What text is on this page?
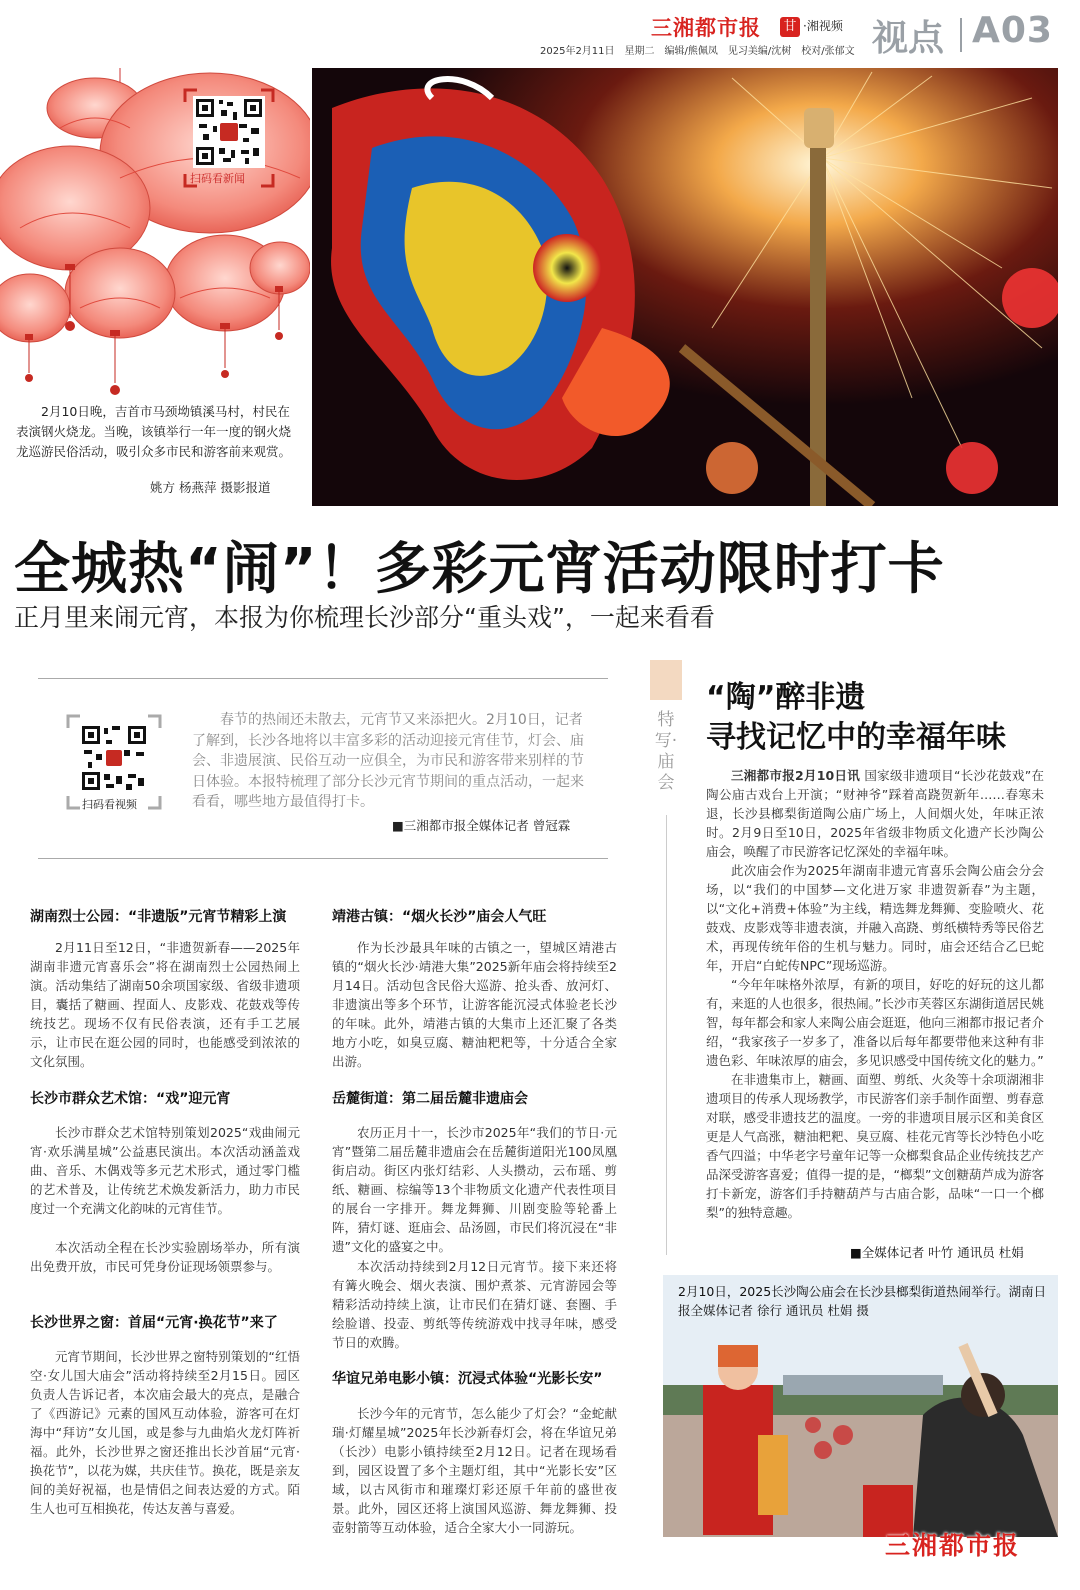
三湘都市报 甘 ·湘视频 视点 A03
2025年2月11日　星期二　编辑/熊佩凤　见习美编/沈树　校对/张郁文
扫码看新闻
2月10日晚，吉首市马颈坳镇溪马村，村民在表演钢火烧龙。当晚，该镇举行一年一度的钢火烧龙巡游民俗活动，吸引众多市民和游客前来观赏。
姚方 杨燕萍 摄影报道
全城热“闹”！多彩元宵活动限时打卡
正月里来闹元宵，本报为你梳理长沙部分“重头戏”，一起来看看
扫码看视频
春节的热闹还未散去，元宵节又来添把火。2月10日，记者了解到，长沙各地将以丰富多彩的活动迎接元宵佳节，灯会、庙会、非遗展演、民俗互动一应俱全，为市民和游客带来别样的节日体验。本报特梳理了部分长沙元宵节期间的重点活动，一起来看看，哪些地方最值得打卡。
■三湘都市报全媒体记者 曾冠霖
湖南烈士公园：“非遗版”元宵节精彩上演
2月11日至12日，“非遗贺新春——2025年湖南非遗元宵喜乐会”将在湖南烈士公园热闹上演。活动集结了湖南50余项国家级、省级非遗项目，囊括了糖画、捏面人、皮影戏、花鼓戏等传统技艺。现场不仅有民俗表演，还有手工艺展示，让市民在逛公园的同时，也能感受到浓浓的文化氛围。
长沙市群众艺术馆：“戏”迎元宵
长沙市群众艺术馆特别策划2025“戏曲闹元宵·欢乐满星城”公益惠民演出。本次活动涵盖戏曲、音乐、木偶戏等多元艺术形式，通过零门槛的艺术普及，让传统艺术焕发新活力，助力市民度过一个充满文化韵味的元宵佳节。
本次活动全程在长沙实验剧场举办，所有演出免费开放，市民可凭身份证现场领票参与。
长沙世界之窗：首届“元宵·换花节”来了
元宵节期间，长沙世界之窗特别策划的“红悟空·女儿国大庙会”活动将持续至2月15日。园区负责人告诉记者，本次庙会最大的亮点，是融合了《西游记》元素的国风互动体验，游客可在灯海中“拜访”女儿国，或是参与九曲焰火龙灯阵祈福。此外，长沙世界之窗还推出长沙首届“元宵·换花节”，以花为媒，共庆佳节。换花，既是亲友间的美好祝福，也是情侣之间表达爱的方式。陌生人也可互相换花，传达友善与喜爱。
靖港古镇：“烟火长沙”庙会人气旺
作为长沙最具年味的古镇之一，望城区靖港古镇的“烟火长沙·靖港大集”2025新年庙会将持续至2月14日。活动包含民俗大巡游、抢头香、放河灯、非遗演出等多个环节，让游客能沉浸式体验老长沙的年味。此外，靖港古镇的大集市上还汇聚了各类地方小吃，如臭豆腐、糖油粑粑等，十分适合全家出游。
岳麓街道：第二届岳麓非遗庙会
农历正月十一，长沙市2025年“我们的节日·元宵”暨第二届岳麓非遗庙会在岳麓街道阳光100凤凰街启动。街区内张灯结彩、人头攒动，云布瑶、剪纸、糖画、棕编等13个非物质文化遗产代表性项目的展台一字排开。舞龙舞狮、川剧变脸等轮番上阵，猜灯谜、逛庙会、品汤圆，市民们将沉浸在“非遗”文化的盛宴之中。
本次活动持续到2月12日元宵节。接下来还将有篝火晚会、烟火表演、围炉煮茶、元宵游园会等精彩活动持续上演，让市民们在猜灯谜、套圈、手绘脸谱、投壶、剪纸等传统游戏中找寻年味，感受节日的欢腾。
华谊兄弟电影小镇：沉浸式体验“光影长安”
长沙今年的元宵节，怎么能少了灯会？“金蛇献瑞·灯耀星城”2025年长沙新春灯会，将在华谊兄弟（长沙）电影小镇持续至2月12日。记者在现场看到，园区设置了多个主题灯组，其中“光影长安”区域，以古风街市和璀璨灯彩还原千年前的盛世夜景。此外，园区还将上演国风巡游、舞龙舞狮、投壶射箭等互动体验，适合全家大小一同游玩。
特写·庙会
“陶”醉非遗
寻找记忆中的幸福年味
三湘都市报2月10日讯 国家级非遗项目“长沙花鼓戏”在陶公庙古戏台上开演；“财神爷”踩着高跷贺新年……春寒未退，长沙县榔梨街道陶公庙广场上，人间烟火处，年味正浓时。2月9日至10日，2025年省级非物质文化遗产长沙陶公庙会，唤醒了市民游客记忆深处的幸福年味。
此次庙会作为2025年湖南非遗元宵喜乐会陶公庙会分会场，以“我们的中国梦—文化进万家 非遗贺新春”为主题，以“文化+消费+体验”为主线，精选舞龙舞狮、变脸喷火、花鼓戏、皮影戏等非遗表演，并融入高跷、剪纸横特秀等民俗艺术，再现传统年俗的生机与魅力。同时，庙会还结合乙巳蛇年，开启“白蛇传NPC”现场巡游。
“今年年味格外浓厚，有新的项目，好吃的好玩的这儿都有，来逛的人也很多，很热闹。”长沙市芙蓉区东湖街道居民姚智，每年都会和家人来陶公庙会逛逛，他向三湘都市报记者介绍，“我家孩子一岁多了，准备以后每年都要带他来这种有非遗色彩、年味浓厚的庙会，多见识感受中国传统文化的魅力。”
在非遗集市上，糖画、面塑、剪纸、火灸等十余项湖湘非遗项目的传承人现场教学，市民游客们亲手制作面塑、剪春意对联，感受非遗技艺的温度。一旁的非遗项目展示区和美食区更是人气高涨，糖油粑粑、臭豆腐、桂花元宵等长沙特色小吃香气四溢；中华老字号童年记等一众榔梨食品企业传统技艺产品深受游客喜爱；值得一提的是，“榔梨”文创糖葫芦成为游客打卡新宠，游客们手持糖葫芦与古庙合影，品味“一口一个榔梨”的独特意趣。
■全媒体记者 叶竹 通讯员 杜娟
2月10日，2025长沙陶公庙会在长沙县榔梨街道热闹举行。湖南日报全媒体记者 徐行 通讯员 杜娟 摄
三湘都市报
